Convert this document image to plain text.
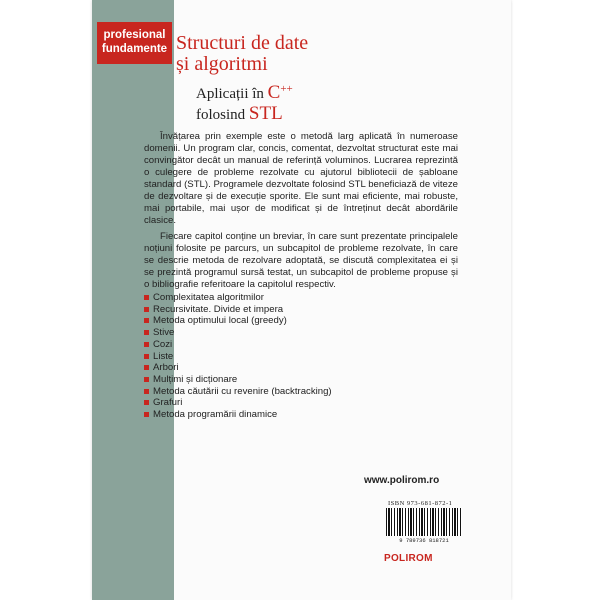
profesional
fundamente Structuri de date
și algoritmi
Aplicații în C++
folosind STL

Învățarea prin exemple este o metodă larg aplicată în numeroase domenii. Un program clar, concis, comentat, dezvoltat structurat este mai convingător decât un manual de referință voluminos. Lucrarea reprezintă o culegere de probleme rezolvate cu ajutorul bibliotecii de șabloane standard (STL). Programele dezvoltate folosind STL beneficiază de viteze de dezvoltare și de execuție sporite. Ele sunt mai eficiente, mai robuste, mai portabile, mai ușor de modificat și de întreținut decât abordările clasice.

Fiecare capitol conține un breviar, în care sunt prezentate principalele noțiuni folosite pe parcurs, un subcapitol de probleme rezolvate, în care se descrie metoda de rezolvare adoptată, se discută complexitatea ei și se prezintă programul sursă testat, un subcapitol de probleme propuse și o bibliografie referitoare la capitolul respectiv.

Complexitatea algoritmilor
Recursivitate. Divide et impera
Metoda optimului local (greedy)
Stive
Cozi
Liste
Arbori
Mulțimi și dicționare
Metoda căutării cu revenire (backtracking)
Grafuri
Metoda programării dinamice
www.polirom.ro
ISBN 973-681-872-1
9 789736 818721
POLIROM
